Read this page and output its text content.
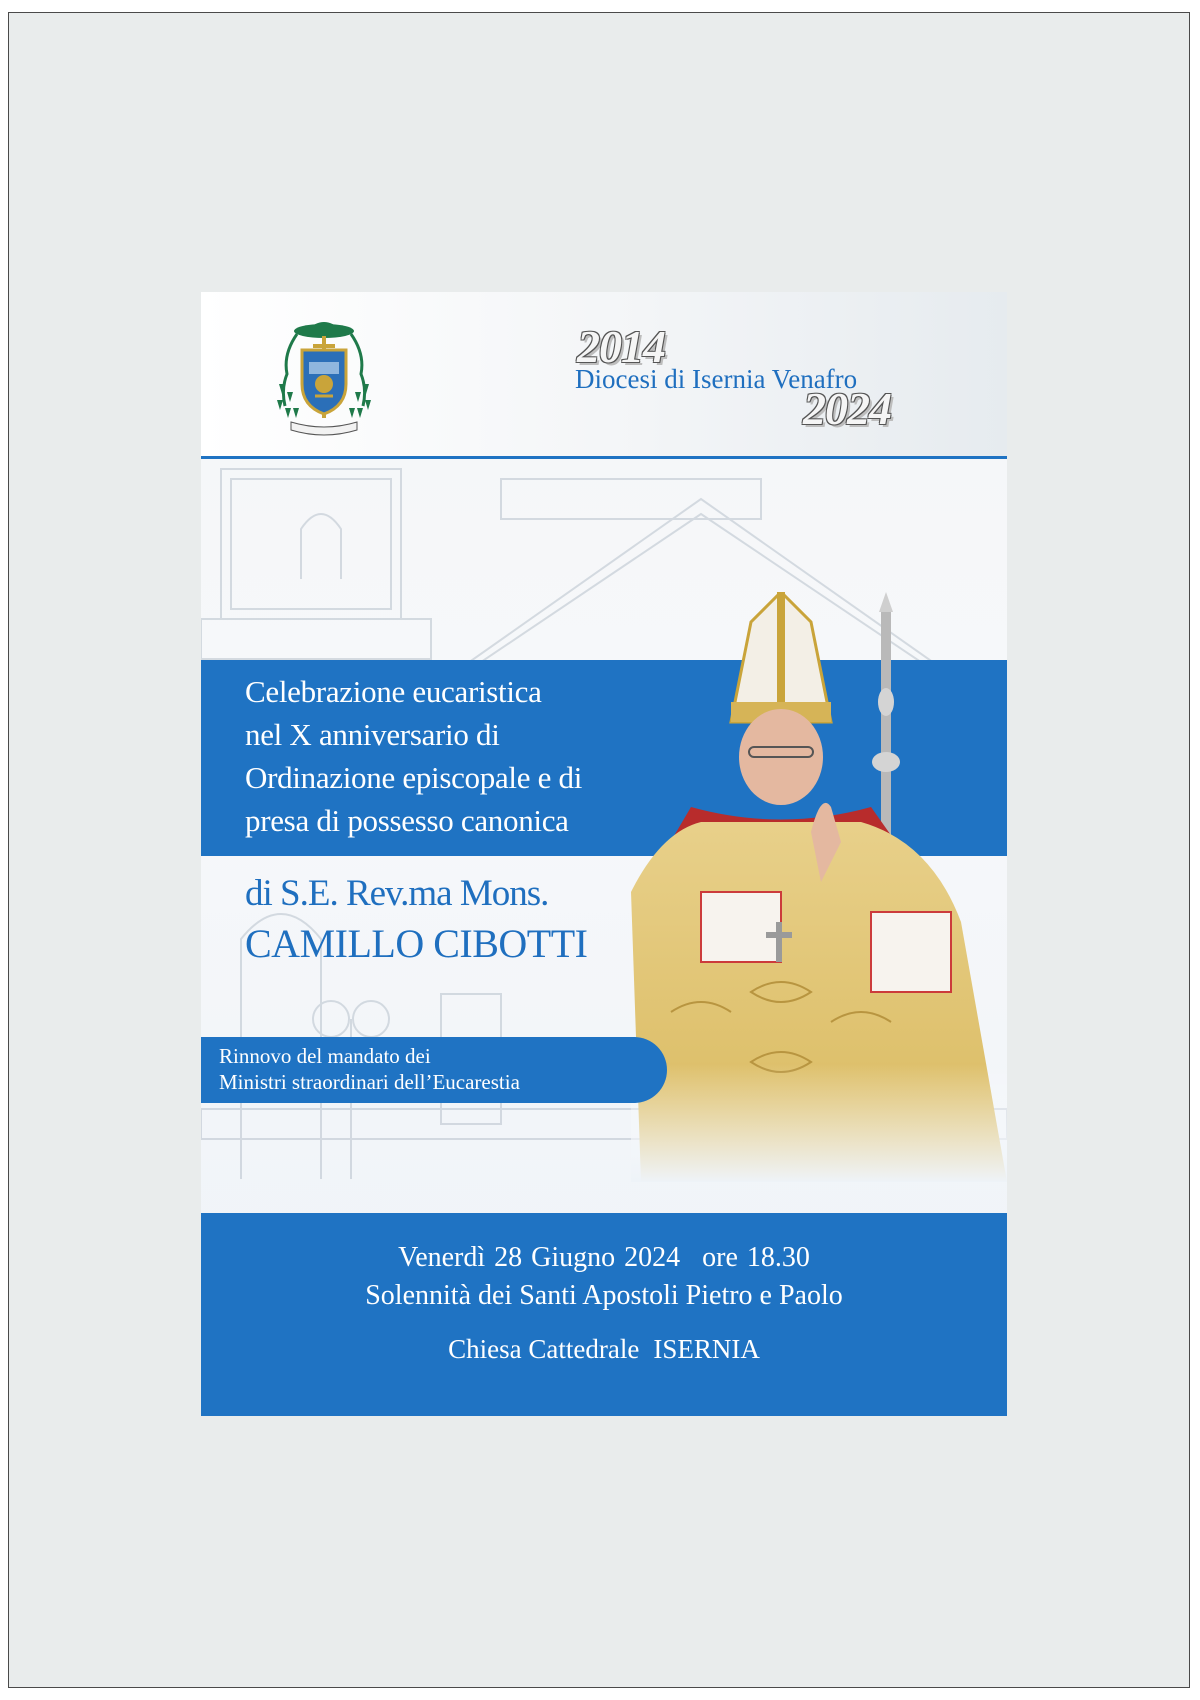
2014
Diocesi di Isernia Venafro
2024
Celebrazione eucaristica
nel X anniversario di
Ordinazione episcopale e di
presa di possesso canonica
di S.E. Rev.ma Mons.
CAMILLO CIBOTTI
Rinnovo del mandato dei
Ministri straordinari dell’Eucarestia
Venerdì 28 Giugno 2024 ore 18.30
Solennità dei Santi Apostoli Pietro e Paolo
Chiesa Cattedrale ISERNIA
